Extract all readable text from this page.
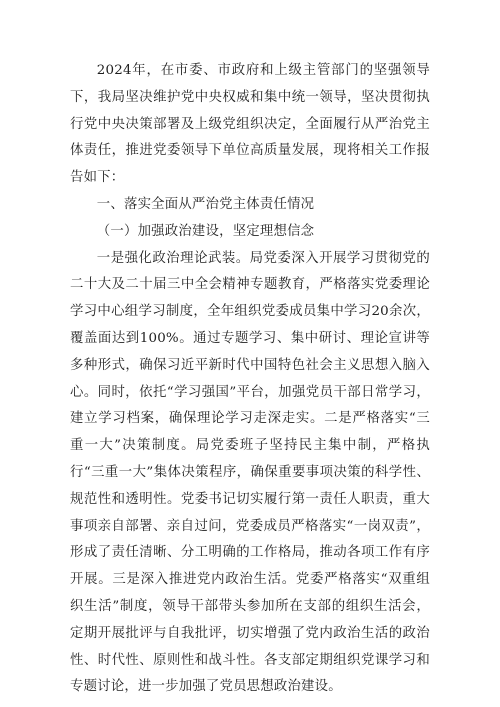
2024年，在市委、市政府和上级主管部门的坚强领导下，我局坚决维护党中央权威和集中统一领导，坚决贯彻执行党中央决策部署及上级党组织决定，全面履行从严治党主体责任，推进党委领导下单位高质量发展，现将相关工作报告如下：

一、落实全面从严治党主体责任情况

（一）加强政治建设，坚定理想信念

一是强化政治理论武装。局党委深入开展学习贯彻党的二十大及二十届三中全会精神专题教育，严格落实党委理论学习中心组学习制度，全年组织党委成员集中学习20余次，覆盖面达到100%。通过专题学习、集中研讨、理论宣讲等多种形式，确保习近平新时代中国特色社会主义思想入脑入心。同时，依托“学习强国”平台，加强党员干部日常学习，建立学习档案，确保理论学习走深走实。二是严格落实“三重一大”决策制度。局党委班子坚持民主集中制，严格执行“三重一大”集体决策程序，确保重要事项决策的科学性、规范性和透明性。党委书记切实履行第一责任人职责，重大事项亲自部署、亲自过问，党委成员严格落实“一岗双责”，形成了责任清晰、分工明确的工作格局，推动各项工作有序开展。三是深入推进党内政治生活。党委严格落实“双重组织生活”制度，领导干部带头参加所在支部的组织生活会，定期开展批评与自我批评，切实增强了党内政治生活的政治性、时代性、原则性和战斗性。各支部定期组织党课学习和专题讨论，进一步加强了党员思想政治建设。
